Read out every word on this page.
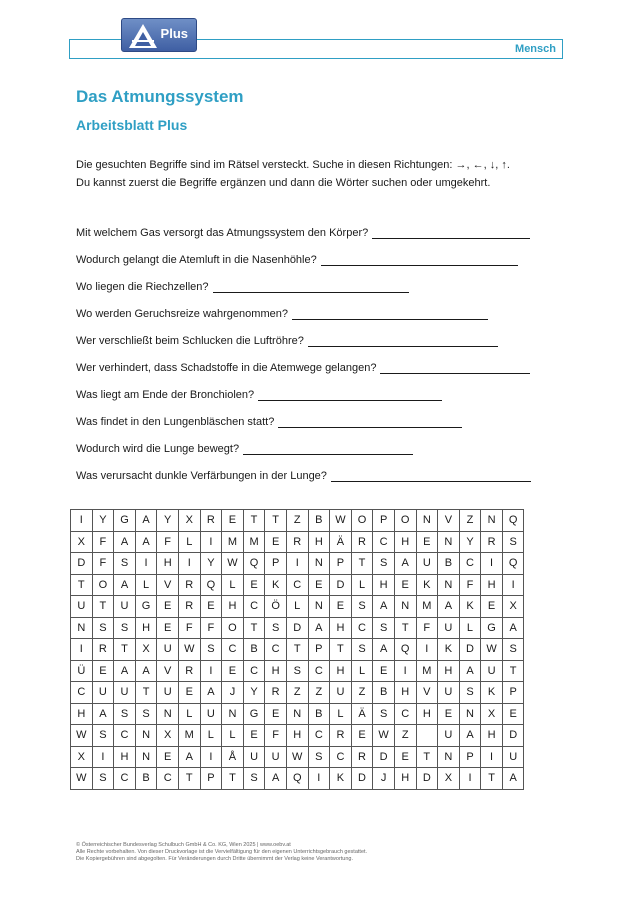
Mensch
Plus
Das Atmungssystem
Arbeitsblatt Plus

Die gesuchten Begriffe sind im Rätsel versteckt. Suche in diesen Richtungen: →, ←, ↓, ↑.

Du kannst zuerst die Begriffe ergänzen und dann die Wörter suchen oder umgekehrt.

Mit welchem Gas versorgt das Atmungssystem den Körper?
Wodurch gelangt die Atemluft in die Nasenhöhle?
Wo liegen die Riechzellen?
Wo werden Geruchsreize wahrgenommen?
Wer verschließt beim Schlucken die Luftröhre?
Wer verhindert, dass Schadstoffe in die Atemwege gelangen?
Was liegt am Ende der Bronchiolen?
Was findet in den Lungenbläschen statt?
Wodurch wird die Lunge bewegt?
Was verursacht dunkle Verfärbungen in der Lunge?
I	Y	G	A	Y	X	R	E	T	T	Z	B	W	O	P	O	N	V	Z	N	Q
X	F	A	A	F	L	I	M	M	E	R	H	Ä	R	C	H	E	N	Y	R	S
D	F	S	I	H	I	Y	W	Q	P	I	N	P	T	S	A	U	B	C	I	Q
T	O	A	L	V	R	Q	L	E	K	C	E	D	L	H	E	K	N	F	H	I
U	T	U	G	E	R	E	H	C	Ö	L	N	E	S	A	N	M	A	K	E	X
N	S	S	H	E	F	F	O	T	S	D	A	H	C	S	T	F	U	L	G	A
I	R	T	X	U	W	S	C	B	C	T	P	T	S	A	Q	I	K	D	W	S
Ü	E	A	A	V	R	I	E	C	H	S	C	H	L	E	I	M	H	A	U	T
C	U	U	T	U	E	A	J	Y	R	Z	Z	U	Z	B	H	V	U	S	K	P
H	A	S	S	N	L	U	N	G	E	N	B	L	Ä	S	C	H	E	N	X	E
W	S	C	N	X	M	L	L	E	F	H	C	R	E	W	Z		U	A	H	D
X	I	H	N	E	A	I	Å	U	U	W	S	C	R	D	E	T	N	P	I	U
W	S	C	B	C	T	P	T	S	A	Q	I	K	D	J	H	D	X	I	T	A
© Österreichischer Bundesverlag Schulbuch GmbH & Co. KG, Wien 2025 | www.oebv.at
Alle Rechte vorbehalten. Von dieser Druckvorlage ist die Vervielfältigung für den eigenen Unterrichtsgebrauch gestattet.
Die Kopiergebühren sind abgegolten. Für Veränderungen durch Dritte übernimmt der Verlag keine Verantwortung.
